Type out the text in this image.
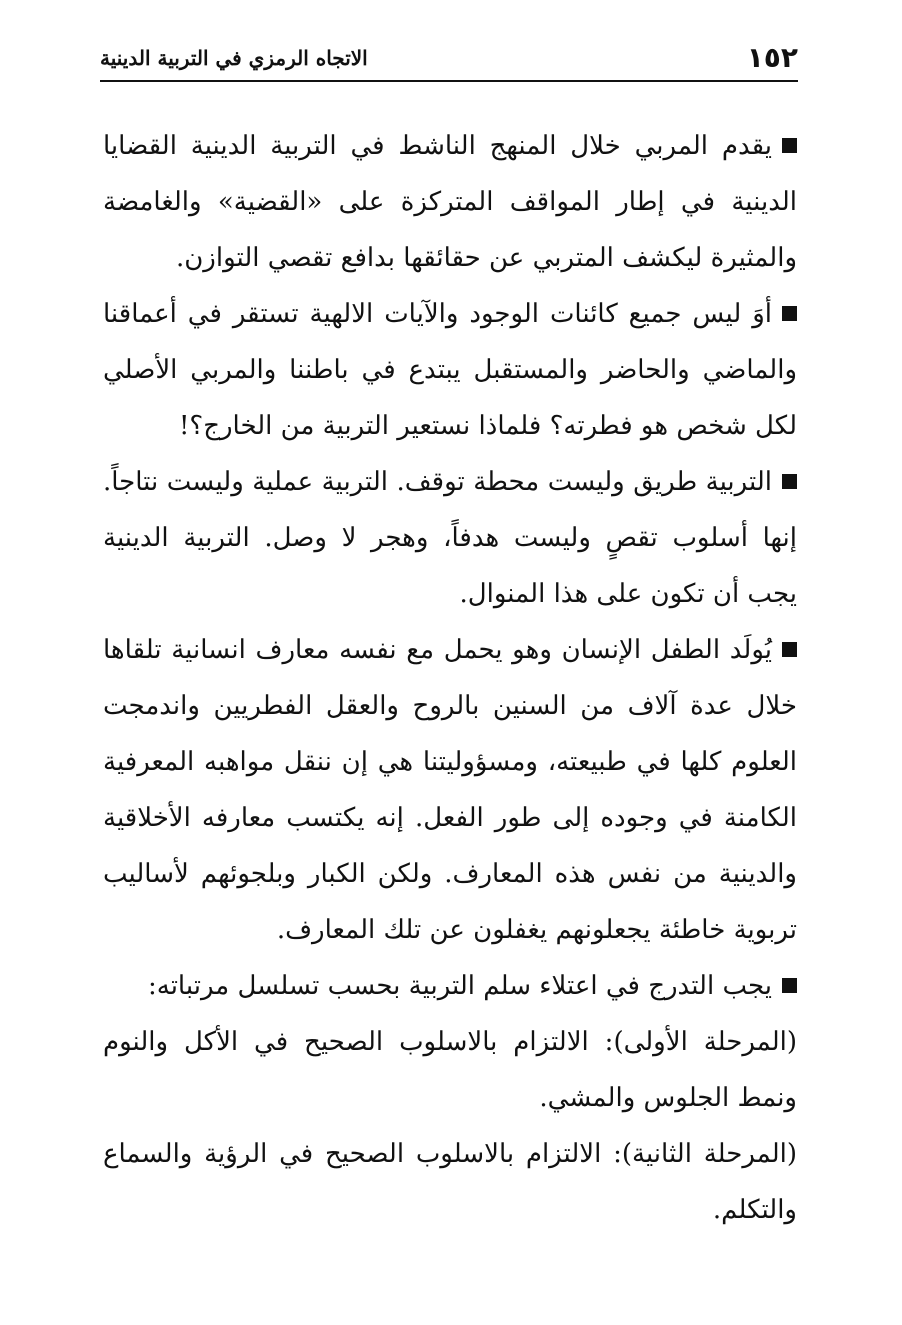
١٥٢
الاتجاه الرمزي في التربية الدينية

يقدم المربي خلال المنهج الناشط في التربية الدينية القضايا الدينية في إطار المواقف المتركزة على «القضية» والغامضة والمثيرة ليكشف المتربي عن حقائقها بدافع تقصي التوازن.

أوَ ليس جميع كائنات الوجود والآيات الالهية تستقر في أعماقنا والماضي والحاضر والمستقبل يبتدع في باطننا والمربي الأصلي لكل شخص هو فطرته؟ فلماذا نستعير التربية من الخارج؟!

التربية طريق وليست محطة توقف. التربية عملية وليست نتاجاً. إنها أسلوب تقصٍ وليست هدفاً، وهجر لا وصل. التربية الدينية يجب أن تكون على هذا المنوال.

يُولَد الطفل الإنسان وهو يحمل مع نفسه معارف انسانية تلقاها خلال عدة آلاف من السنين بالروح والعقل الفطريين واندمجت العلوم كلها في طبيعته، ومسؤوليتنا هي إن ننقل مواهبه المعرفية الكامنة في وجوده إلى طور الفعل. إنه يكتسب معارفه الأخلاقية والدينية من نفس هذه المعارف. ولكن الكبار وبلجوئهم لأساليب تربوية خاطئة يجعلونهم يغفلون عن تلك المعارف.

يجب التدرج في اعتلاء سلم التربية بحسب تسلسل مرتباته:

(المرحلة الأولى): الالتزام بالاسلوب الصحيح في الأكل والنوم ونمط الجلوس والمشي.

(المرحلة الثانية): الالتزام بالاسلوب الصحيح في الرؤية والسماع والتكلم.
